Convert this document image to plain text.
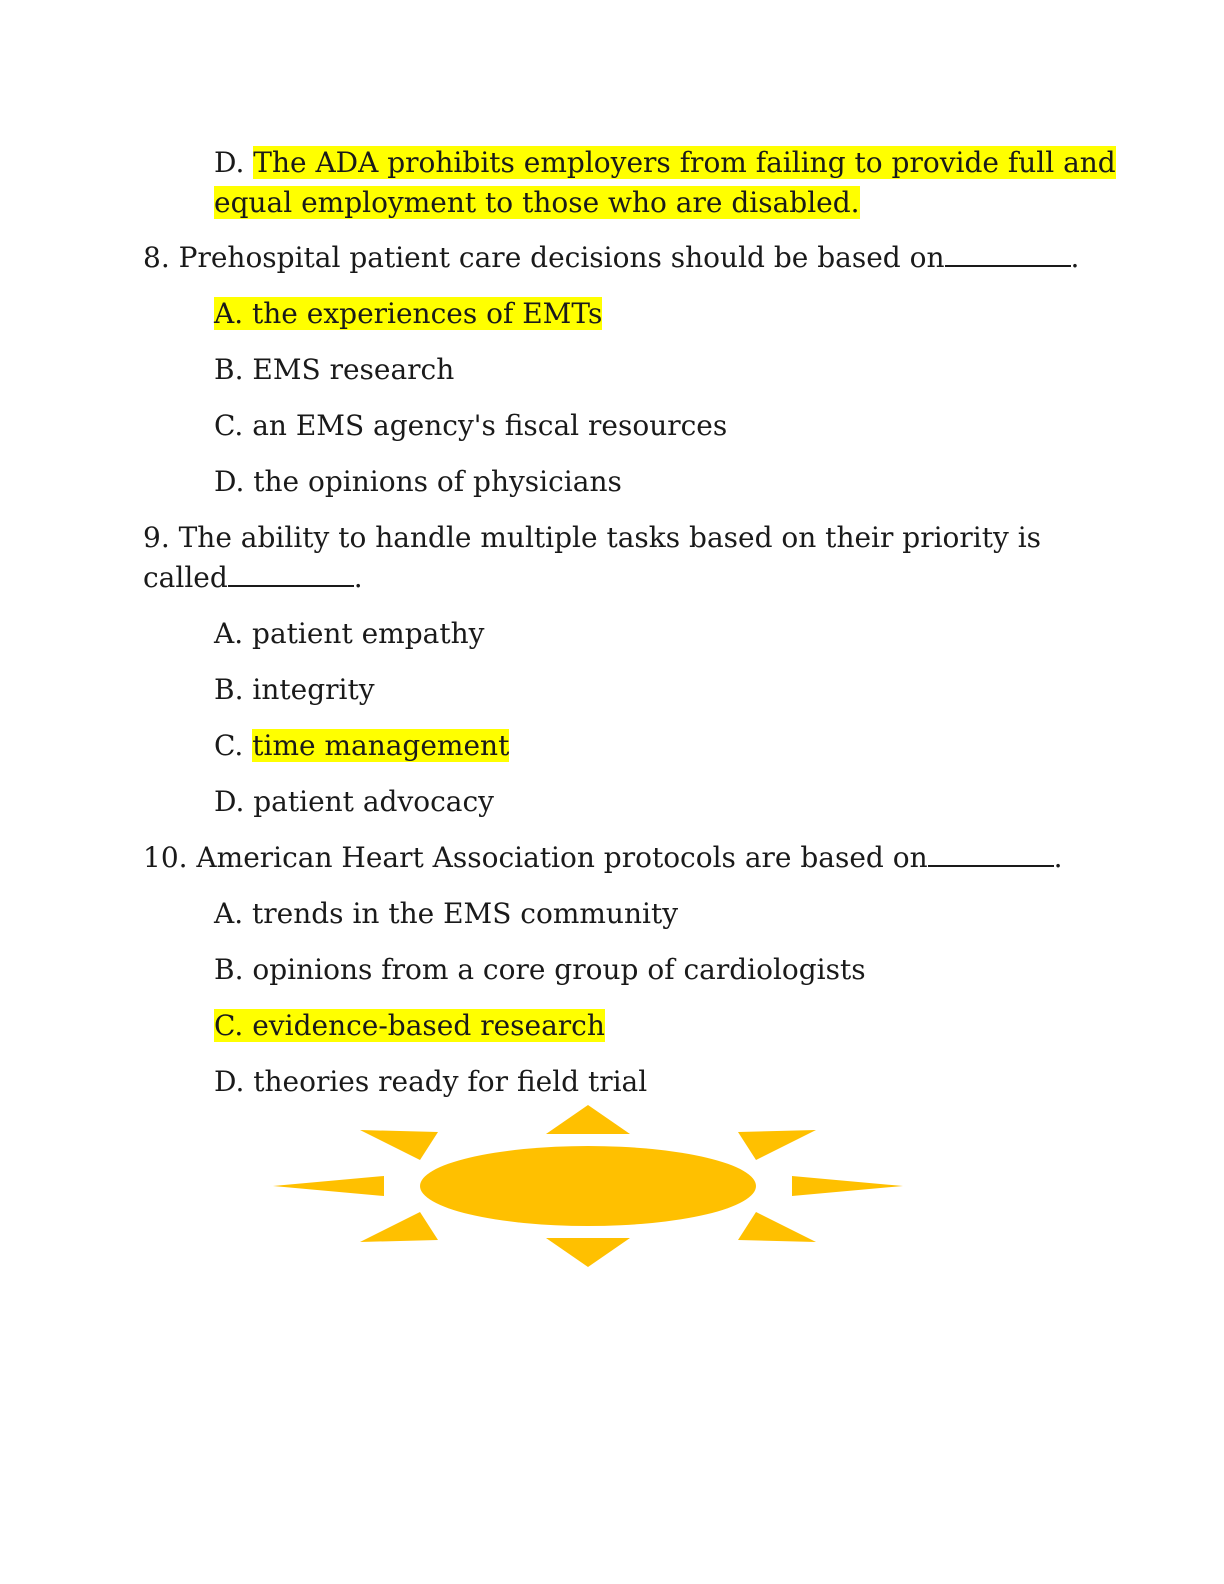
D. The ADA prohibits employers from failing to provide full and
equal employment to those who are disabled.
8. Prehospital patient care decisions should be based on	.
A. the experiences of EMTs
B. EMS research
C. an EMS agency's fiscal resources
D. the opinions of physicians
9. The ability to handle multiple tasks based on their priority is
called	.
A. patient empathy
B. integrity
C. time management
D. patient advocacy
10. American Heart Association protocols are based on	.
A. trends in the EMS community
B. opinions from a core group of cardiologists
C. evidence-based research
D. theories ready for field trial
